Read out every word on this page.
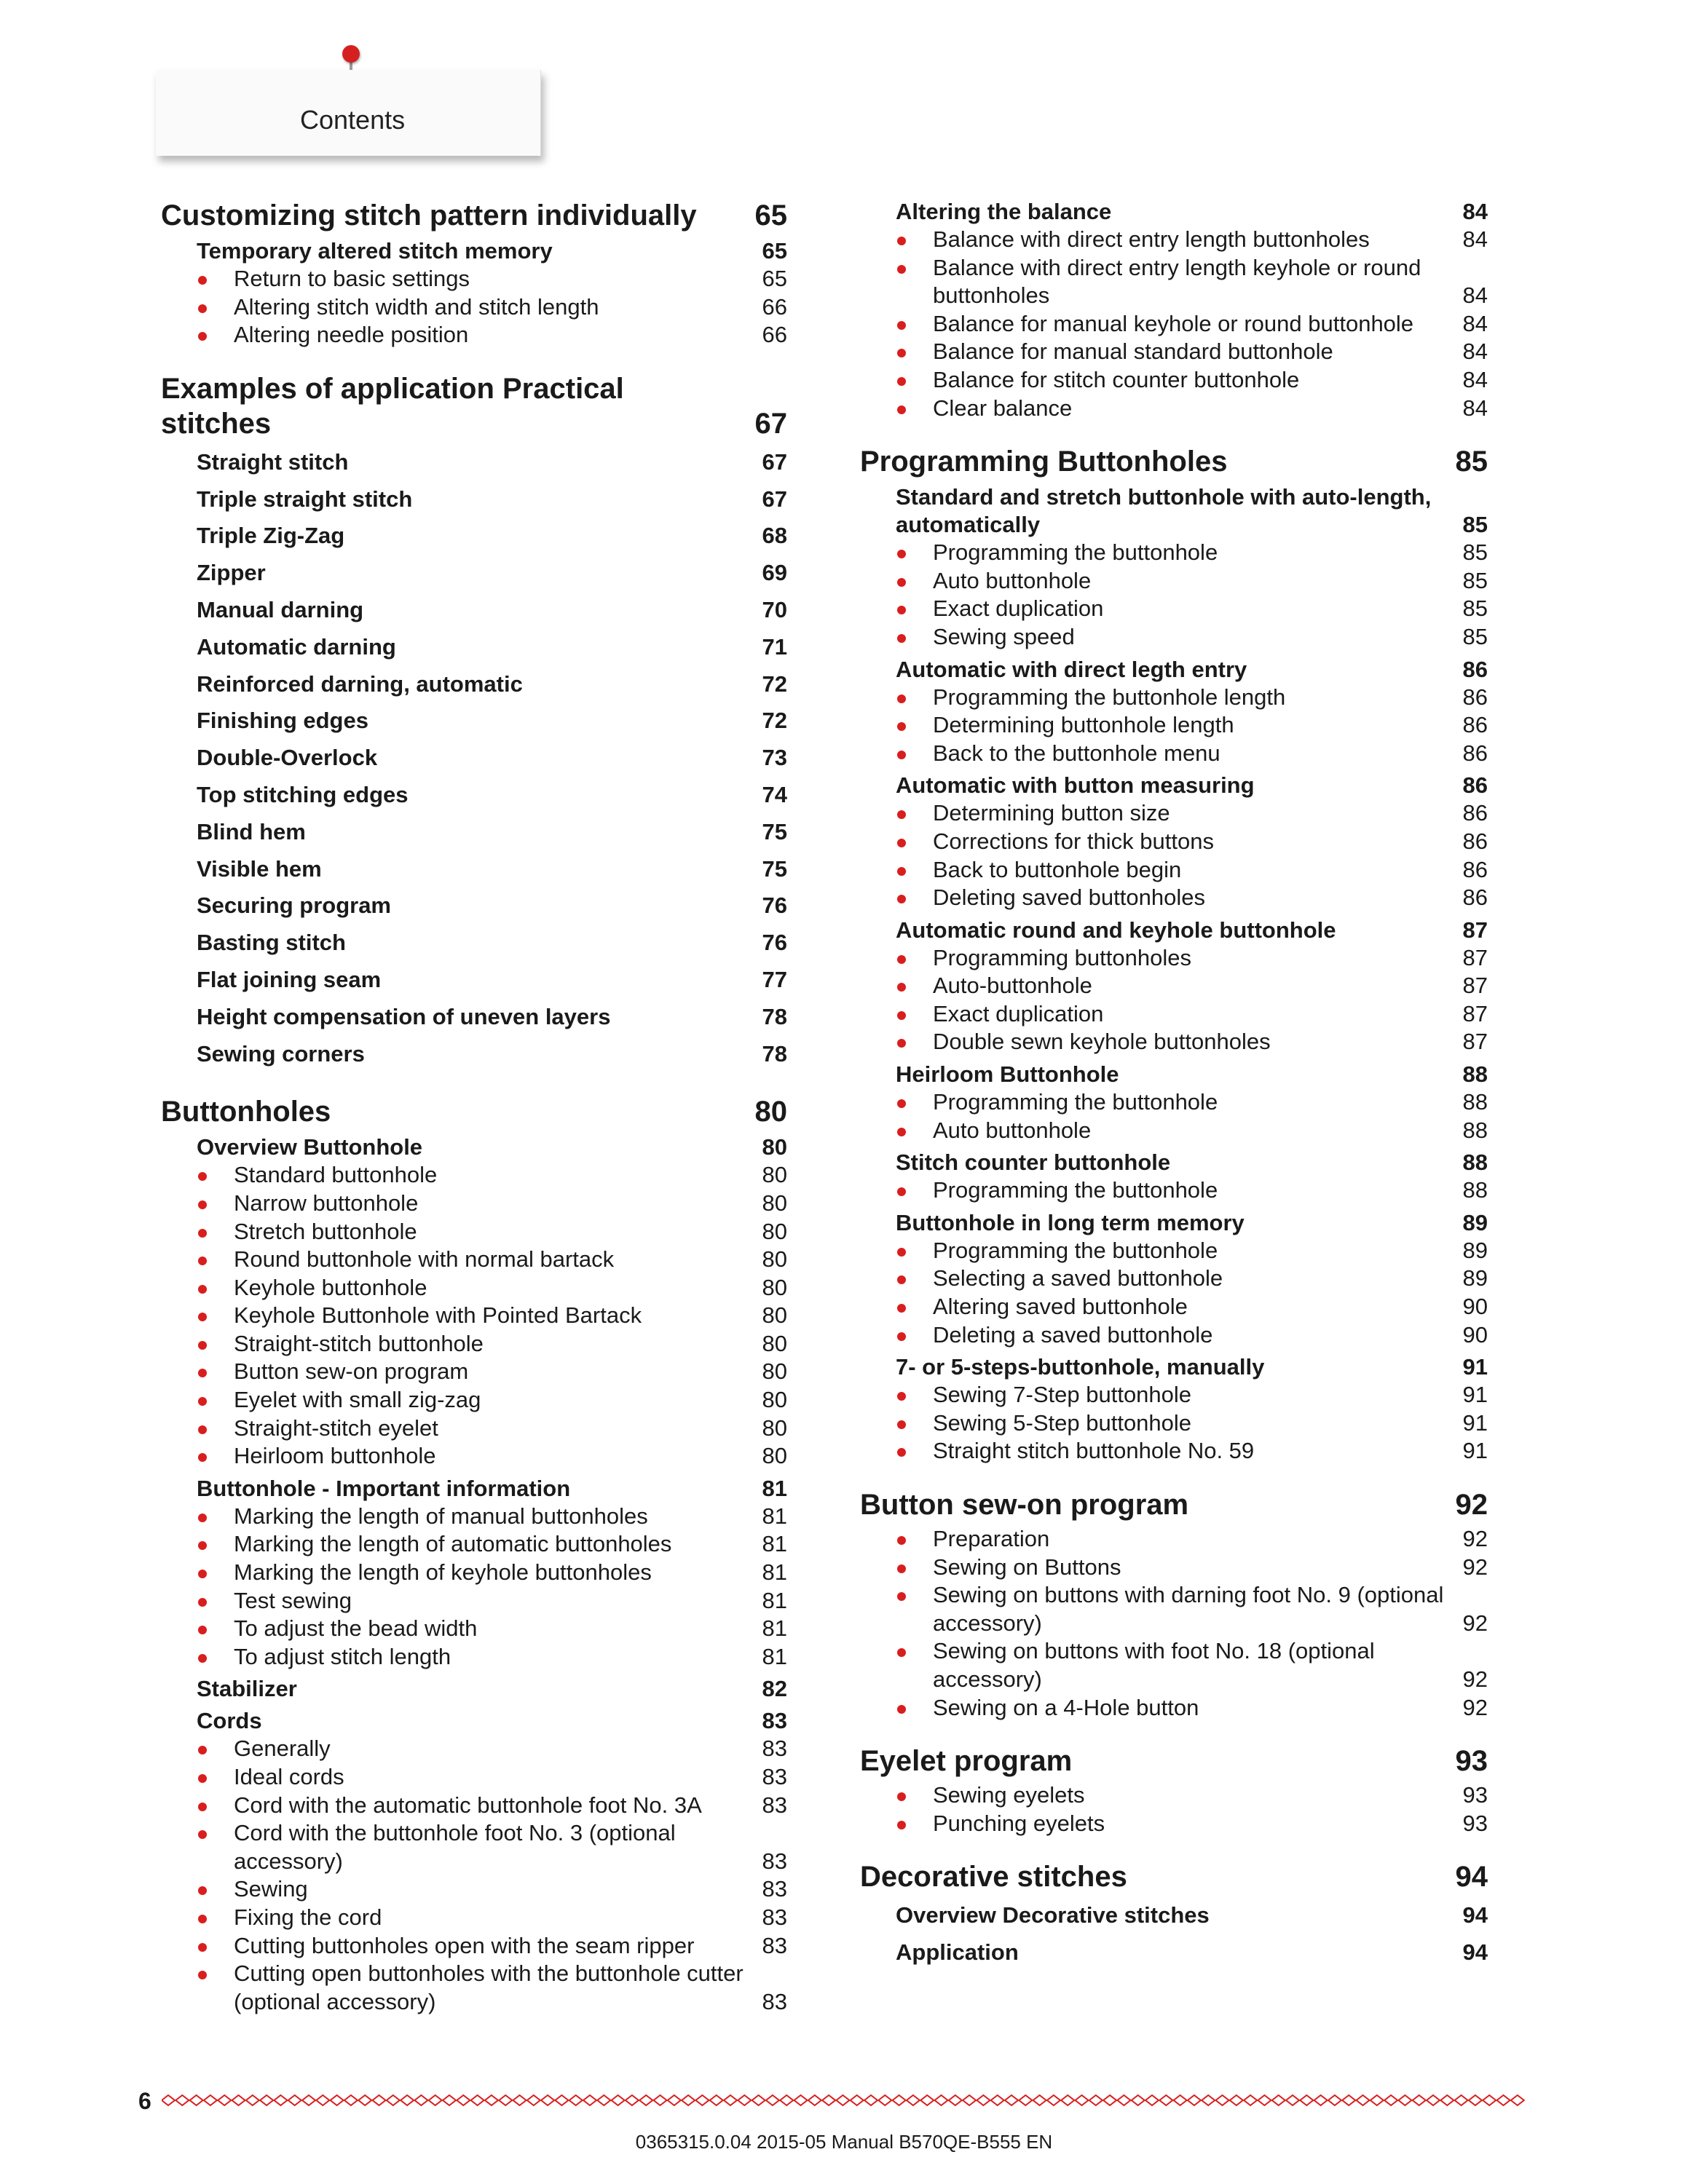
Contents
Customizing stitch pattern individually	65
Temporary altered stitch memory	65
Return to basic settings	65
Altering stitch width and stitch length	66
Altering needle position	66
Examples of application Practical stitches	67
Straight stitch	67
Triple straight stitch	67
Triple Zig-Zag	68
Zipper	69
Manual darning	70
Automatic darning	71
Reinforced darning, automatic	72
Finishing edges	72
Double-Overlock	73
Top stitching edges	74
Blind hem	75
Visible hem	75
Securing program	76
Basting stitch	76
Flat joining seam	77
Height compensation of uneven layers	78
Sewing corners	78
Buttonholes	80
Overview Buttonhole	80
Standard buttonhole	80
Narrow buttonhole	80
Stretch buttonhole	80
Round buttonhole with normal bartack	80
Keyhole buttonhole	80
Keyhole Buttonhole with Pointed Bartack	80
Straight-stitch buttonhole	80
Button sew-on program	80
Eyelet with small zig-zag	80
Straight-stitch eyelet	80
Heirloom buttonhole	80
Buttonhole - Important information	81
Marking the length of manual buttonholes	81
Marking the length of automatic buttonholes	81
Marking the length of keyhole buttonholes	81
Test sewing	81
To adjust the bead width	81
To adjust stitch length	81
Stabilizer	82
Cords	83
Generally	83
Ideal cords	83
Cord with the automatic buttonhole foot No. 3A	83
Cord with the buttonhole foot No. 3 (optional accessory)	83
Sewing	83
Fixing the cord	83
Cutting buttonholes open with the seam ripper	83
Cutting open buttonholes with the buttonhole cutter (optional accessory)	83
Altering the balance	84
Balance with direct entry length buttonholes	84
Balance with direct entry length keyhole or round buttonholes	84
Balance for manual keyhole or round buttonhole	84
Balance for manual standard buttonhole	84
Balance for stitch counter buttonhole	84
Clear balance	84
Programming Buttonholes	85
Standard and stretch buttonhole with auto-length, automatically	85
Programming the buttonhole	85
Auto buttonhole	85
Exact duplication	85
Sewing speed	85
Automatic with direct legth entry	86
Programming the buttonhole length	86
Determining buttonhole length	86
Back to the buttonhole menu	86
Automatic with button measuring	86
Determining button size	86
Corrections for thick buttons	86
Back to buttonhole begin	86
Deleting saved buttonholes	86
Automatic round and keyhole buttonhole	87
Programming buttonholes	87
Auto-buttonhole	87
Exact duplication	87
Double sewn keyhole buttonholes	87
Heirloom Buttonhole	88
Programming the buttonhole	88
Auto buttonhole	88
Stitch counter buttonhole	88
Programming the buttonhole	88
Buttonhole in long term memory	89
Programming the buttonhole	89
Selecting a saved buttonhole	89
Altering saved buttonhole	90
Deleting a saved buttonhole	90
7- or 5-steps-buttonhole, manually	91
Sewing 7-Step buttonhole	91
Sewing 5-Step buttonhole	91
Straight stitch buttonhole No. 59	91
Button sew-on program	92
Preparation	92
Sewing on Buttons	92
Sewing on buttons with darning foot No. 9 (optional accessory)	92
Sewing on buttons with foot No. 18 (optional accessory)	92
Sewing on a 4-Hole button	92
Eyelet program	93
Sewing eyelets	93
Punching eyelets	93
Decorative stitches	94
Overview Decorative stitches	94
Application	94
6
0365315.0.04 2015-05 Manual B570QE-B555 EN
